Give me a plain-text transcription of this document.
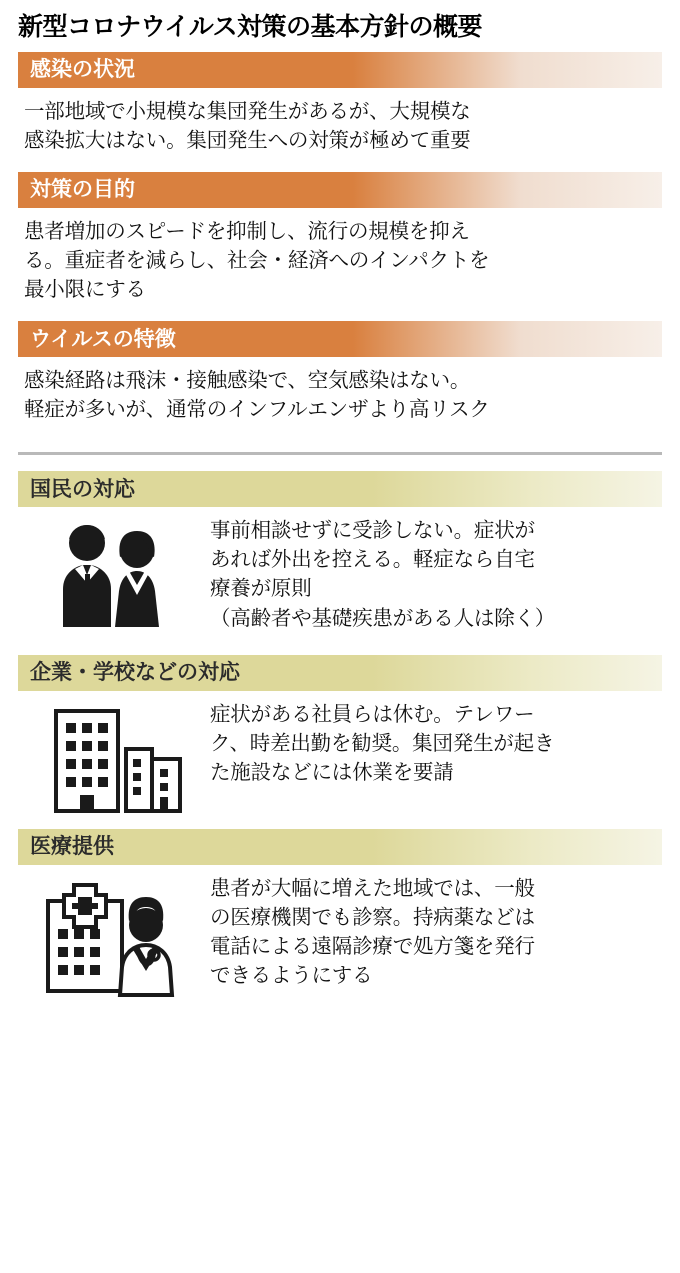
新型コロナウイルス対策の基本方針の概要
感染の状況

一部地域で小規模な集団発生があるが、大規模な

感染拡大はない。集団発生への対策が極めて重要

対策の目的

患者増加のスピードを抑制し、流行の規模を抑え

る。重症者を減らし、社会・経済へのインパクトを

最小限にする

ウイルスの特徴

感染経路は飛沫・接触感染で、空気感染はない。

軽症が多いが、通常のインフルエンザより高リスク

国民の対応

事前相談せずに受診しない。症状が

あれば外出を控える。軽症なら自宅

療養が原則

（高齢者や基礎疾患がある人は除く）

企業・学校などの対応

症状がある社員らは休む。テレワー

ク、時差出勤を勧奨。集団発生が起き

た施設などには休業を要請

医療提供

患者が大幅に増えた地域では、一般

の医療機関でも診察。持病薬などは

電話による遠隔診療で処方箋を発行

できるようにする
